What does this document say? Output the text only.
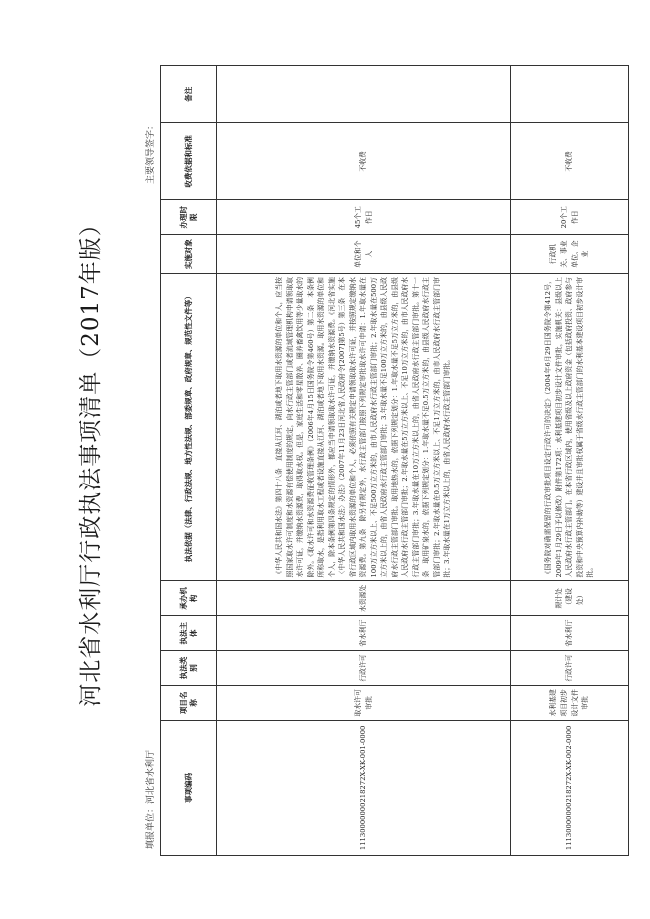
河北省水利厅行政执法事项清单（2017年版）
填报单位：河北省水利厅
主要领导签字：
事项编码	项目名称	执法类别	执法主体	承办机构	执法依据（法律、行政法规、地方性法规、部委规章、政府规章、规范性文件等）	实施对象	办理时限	收费依据和标准	备注
11130000000218272X-XK-001-0000	取水许可审批	行政许可	省水利厅	水资源处	《中华人民共和国水法》第四十八条　直接从江河、湖泊或者地下取用水资源的单位和个人，应当按照国家取水许可制度和水资源有偿使用制度的规定，向水行政主管部门或者流域管理机构申请领取取水许可证，并缴纳水资源费，取得取水权。但是，家庭生活和零星散养、圈养畜禽饮用等少量取水的除外。《取水许可和水资源费征收管理条例》（2006年4月15日国务院令第460号）第二条　本条例所称取水，是指利用取水工程或者设施直接从江河、湖泊或者地下取用水资源。取用水资源的单位和个人，除本条例第四条规定的情形外，都应当申请领取取水许可证，并缴纳水资源费。《河北省实施〈中华人民共和国水法〉办法》（2007年11月23日河北省人民政府令[2007]第5号）第三条　在本省行政区域内取用水资源的单位和个人，必须依照有关规定申请领取取水许可证，并按照规定缴纳水资源费。第九条　除另有规定外，水行政主管部门按照下列规定审批取水许可申请：1.年取水量在100万立方米以上、不足500万立方米的，由市人民政府水行政主管部门审批；2.年取水量在500万立方米以上的，由省人民政府水行政主管部门审批；3.年取水量不足100万立方米的，由县级人民政府水行政主管部门审批。取用地热水的，依据下列规定划分：1.年取水量不足5万立方米的，由县级人民政府水行政主管部门审批；2.年取水量在5万立方米以上、不足10万立方米的，由市人民政府水行政主管部门审批；3.年取水量在10万立方米以上的，由省人民政府水行政主管部门审批。第十一条　取用矿泉水的，依据下列规定划分：1.年取水量不足0.5万立方米的，由县级人民政府水行政主管部门审批；2.年取水量在0.5万立方米以上、不足1万立方米的，由市人民政府水行政主管部门审批；3.年取水量在1万立方米以上的，由省人民政府水行政主管部门审批。	单位和个人	45个工作日	不收费	
11130000000218272X-XK-002-0000	水利基建项目初步设计文件审批	行政许可	省水利厅	规计处（建设处）	《国务院对确需保留的行政审批项目设定行政许可的决定》（2004年6月29日国务院令第412号，2009年1月29日予以修改）附件第172项：水利基建项目初步设计文件审批，实施机关：县级以上人民政府水行政主管部门。在本省行政区域内，使用省级及以上政府资金（包括政府投资、政府参与投资和中央预算内补助等）建设并且审批权属于省级水行政主管部门的水利基本建设项目初步设计审批。	行政机关、事业单位、企业	20个工作日	不收费	
